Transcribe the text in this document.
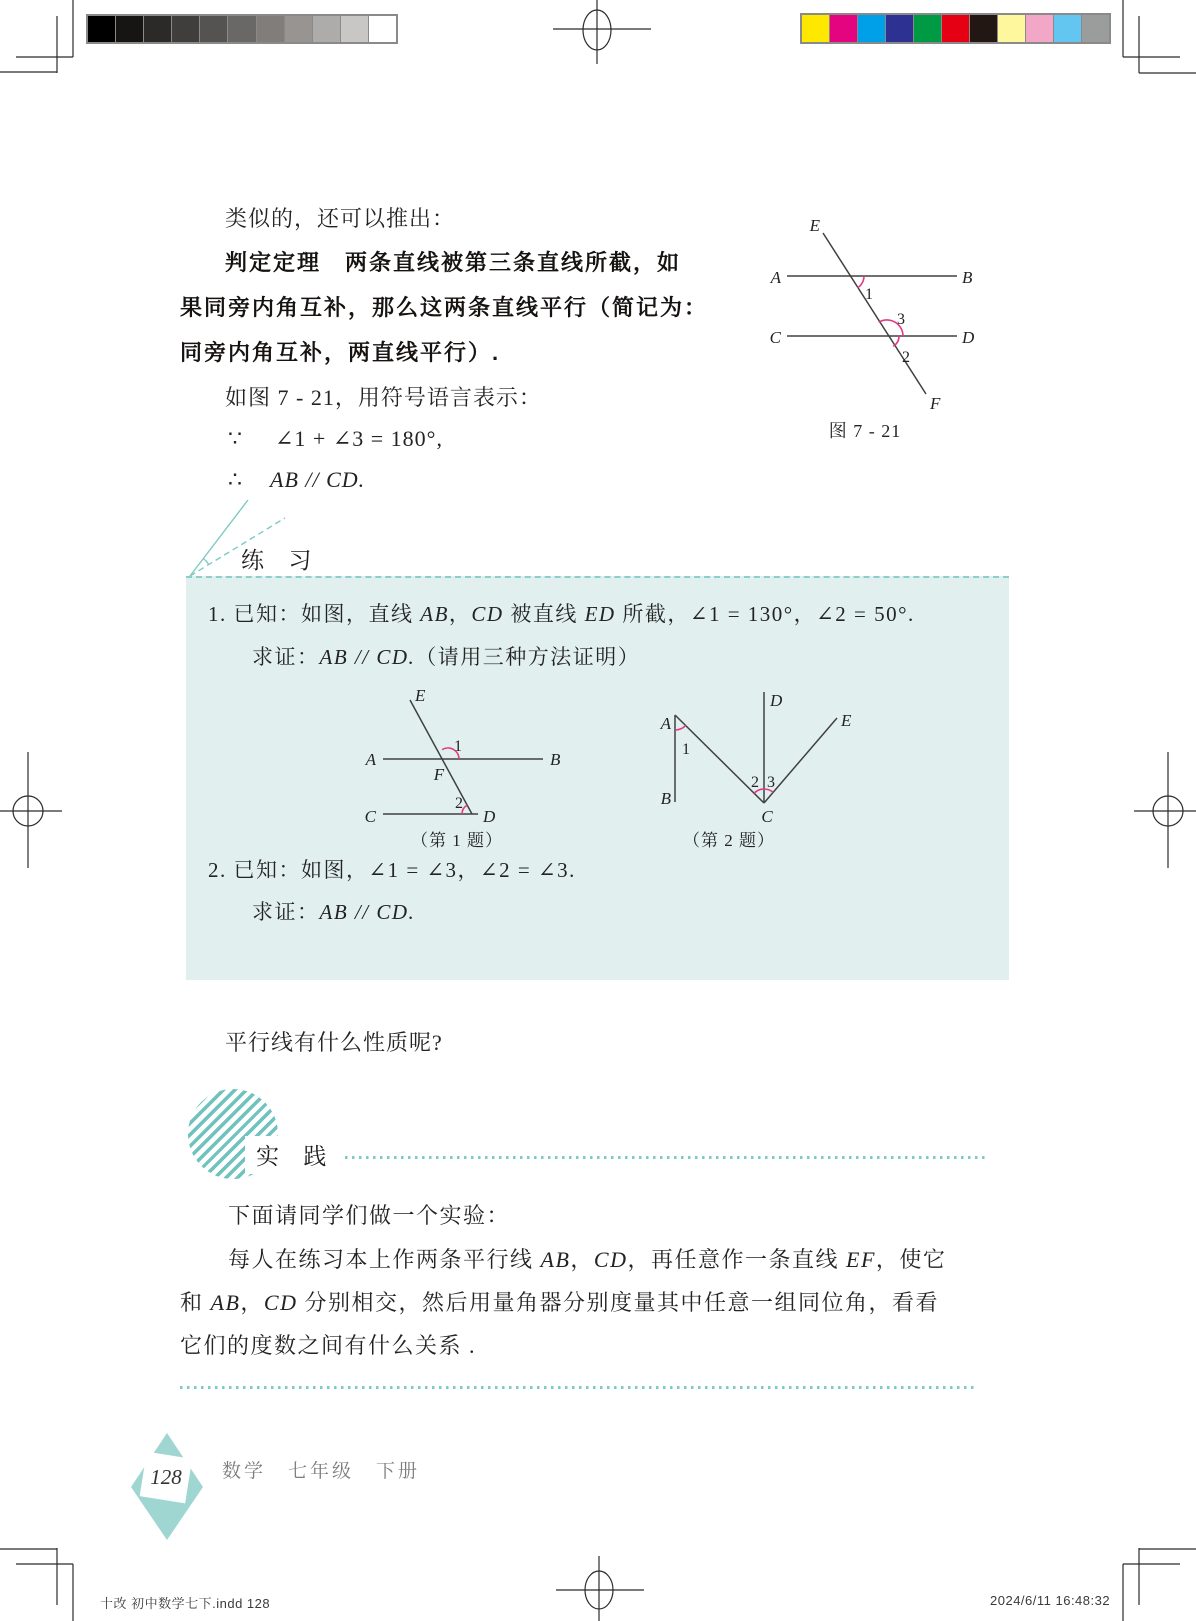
类似的，还可以推出：
判定定理　两条直线被第三条直线所截，如
果同旁内角互补，那么这两条直线平行（简记为：
同旁内角互补，两直线平行）.
如图 7 - 21，用符号语言表示：
∵ ∠1 + ∠3 = 180°,
∴ AB // CD.
E
A	B
C	D
F
1
3
2
图 7 - 21
练 习
1. 已知：如图，直线 AB，CD 被直线 ED 所截，∠1 = 130°，∠2 = 50°.
求证：AB // CD.（请用三种方法证明）
E
A	B
F
C	D
1
2
（第 1 题）
A
B
D
E
C
1
2 3
（第 2 题）
2. 已知：如图，∠1 = ∠3，∠2 = ∠3.
求证：AB // CD.
平行线有什么性质呢?
实 践
下面请同学们做一个实验：
每人在练习本上作两条平行线 AB，CD，再任意作一条直线 EF，使它
和 AB，CD 分别相交，然后用量角器分别度量其中任意一组同位角，看看
它们的度数之间有什么关系 .
128 数学　七年级　下册
十改 初中数学七下.indd 128	2024/6/11 16:48:32
